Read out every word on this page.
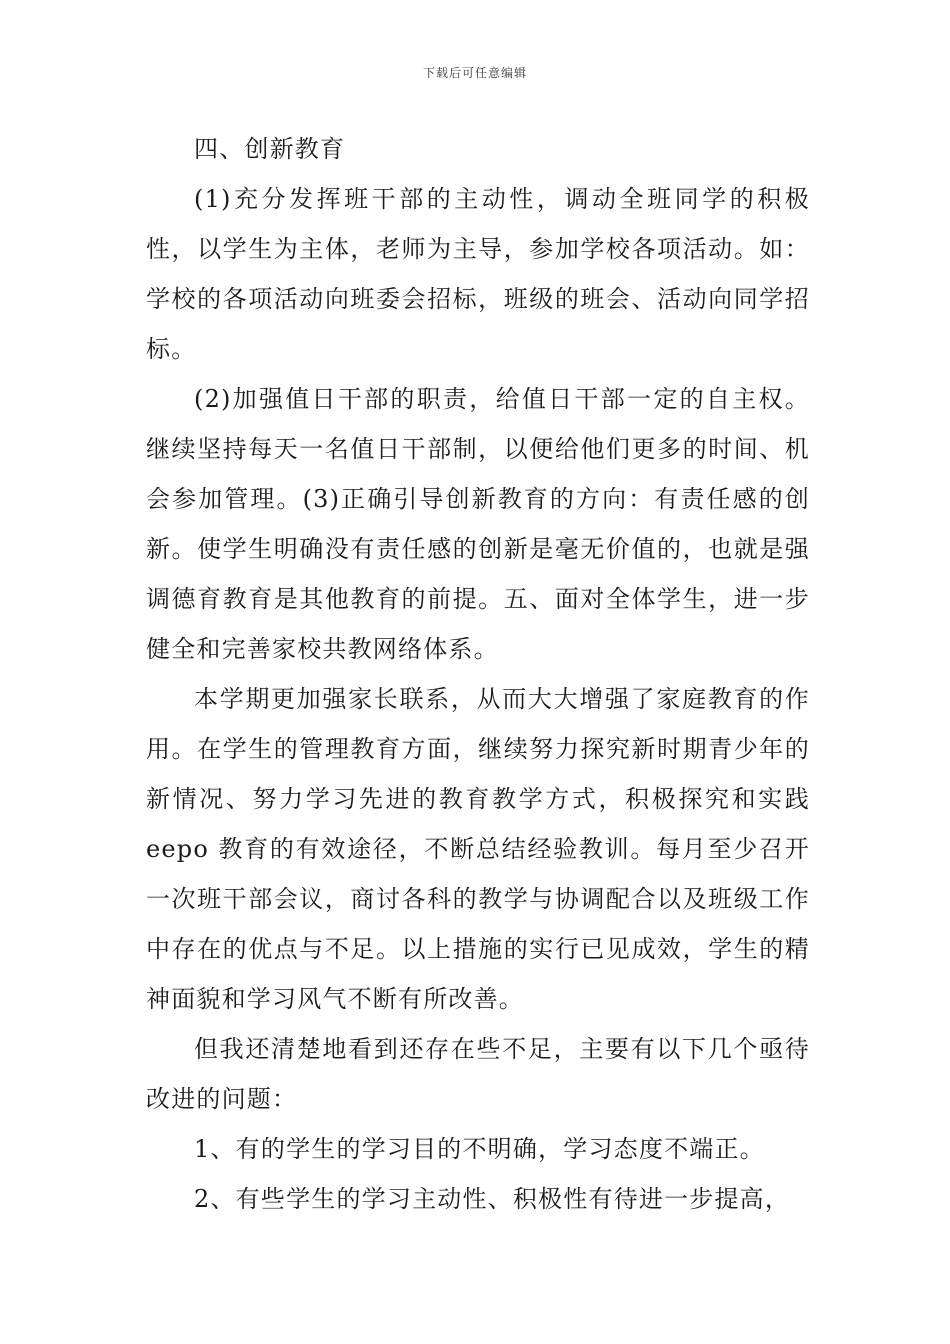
下载后可任意编辑

四、创新教育

(1)充分发挥班干部的主动性，调动全班同学的积极性，以学生为主体，老师为主导，参加学校各项活动。如：学校的各项活动向班委会招标，班级的班会、活动向同学招标。

(2)加强值日干部的职责，给值日干部一定的自主权。继续坚持每天一名值日干部制，以便给他们更多的时间、机会参加管理。(3)正确引导创新教育的方向：有责任感的创新。使学生明确没有责任感的创新是毫无价值的，也就是强调德育教育是其他教育的前提。五、面对全体学生，进一步健全和完善家校共教网络体系。

本学期更加强家长联系，从而大大增强了家庭教育的作用。在学生的管理教育方面，继续努力探究新时期青少年的新情况、努力学习先进的教育教学方式，积极探究和实践 eepo 教育的有效途径，不断总结经验教训。每月至少召开一次班干部会议，商讨各科的教学与协调配合以及班级工作中存在的优点与不足。以上措施的实行已见成效，学生的精神面貌和学习风气不断有所改善。

但我还清楚地看到还存在些不足，主要有以下几个亟待改进的问题：

1、有的学生的学习目的不明确，学习态度不端正。

2、有些学生的学习主动性、积极性有待进一步提高，
